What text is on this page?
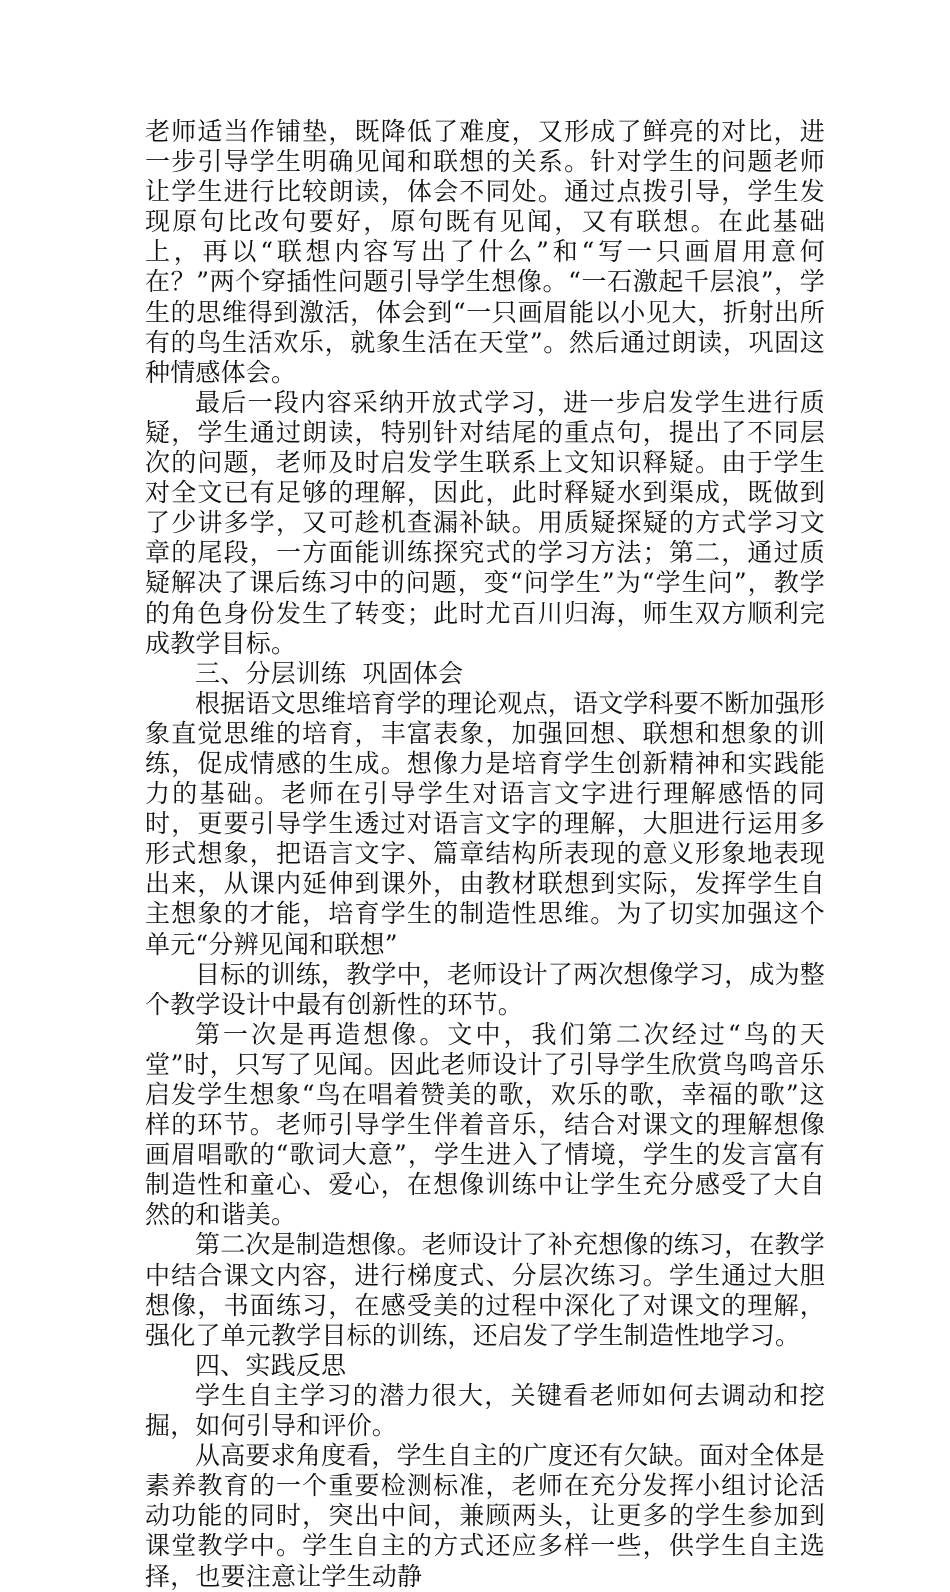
老师适当作铺垫，既降低了难度，又形成了鲜亮的对比，进一步引导学生明确见闻和联想的关系。针对学生的问题老师让学生进行比较朗读，体会不同处。通过点拨引导，学生发现原句比改句要好，原句既有见闻，又有联想。在此基础上，再以“联想内容写出了什么”和“写一只画眉用意何在？”两个穿插性问题引导学生想像。“一石激起千层浪”，学生的思维得到激活，体会到“一只画眉能以小见大，折射出所有的鸟生活欢乐，就象生活在天堂”。然后通过朗读，巩固这种情感体会。

最后一段内容采纳开放式学习，进一步启发学生进行质疑，学生通过朗读，特别针对结尾的重点句，提出了不同层次的问题，老师及时启发学生联系上文知识释疑。由于学生对全文已有足够的理解，因此，此时释疑水到渠成，既做到了少讲多学，又可趁机查漏补缺。用质疑探疑的方式学习文章的尾段，一方面能训练探究式的学习方法；第二，通过质疑解决了课后练习中的问题，变“问学生”为“学生问”，教学的角色身份发生了转变；此时尤百川归海，师生双方顺利完成教学目标。

三、分层训练  巩固体会

根据语文思维培育学的理论观点，语文学科要不断加强形象直觉思维的培育，丰富表象，加强回想、联想和想象的训练，促成情感的生成。想像力是培育学生创新精神和实践能力的基础。老师在引导学生对语言文字进行理解感悟的同时，更要引导学生透过对语言文字的理解，大胆进行运用多形式想象，把语言文字、篇章结构所表现的意义形象地表现出来，从课内延伸到课外，由教材联想到实际，发挥学生自主想象的才能，培育学生的制造性思维。为了切实加强这个单元“分辨见闻和联想”

目标的训练，教学中，老师设计了两次想像学习，成为整个教学设计中最有创新性的环节。

第一次是再造想像。文中，我们第二次经过“鸟的天堂”时，只写了见闻。因此老师设计了引导学生欣赏鸟鸣音乐启发学生想象“鸟在唱着赞美的歌，欢乐的歌，幸福的歌”这样的环节。老师引导学生伴着音乐，结合对课文的理解想像画眉唱歌的“歌词大意”，学生进入了情境，学生的发言富有制造性和童心、爱心，在想像训练中让学生充分感受了大自然的和谐美。

第二次是制造想像。老师设计了补充想像的练习，在教学中结合课文内容，进行梯度式、分层次练习。学生通过大胆想像，书面练习，在感受美的过程中深化了对课文的理解，强化了单元教学目标的训练，还启发了学生制造性地学习。

四、实践反思

学生自主学习的潜力很大，关键看老师如何去调动和挖掘，如何引导和评价。

从高要求角度看，学生自主的广度还有欠缺。面对全体是素养教育的一个重要检测标准，老师在充分发挥小组讨论活动功能的同时，突出中间，兼顾两头，让更多的学生参加到课堂教学中。学生自主的方式还应多样一些，供学生自主选择，也要注意让学生动静
